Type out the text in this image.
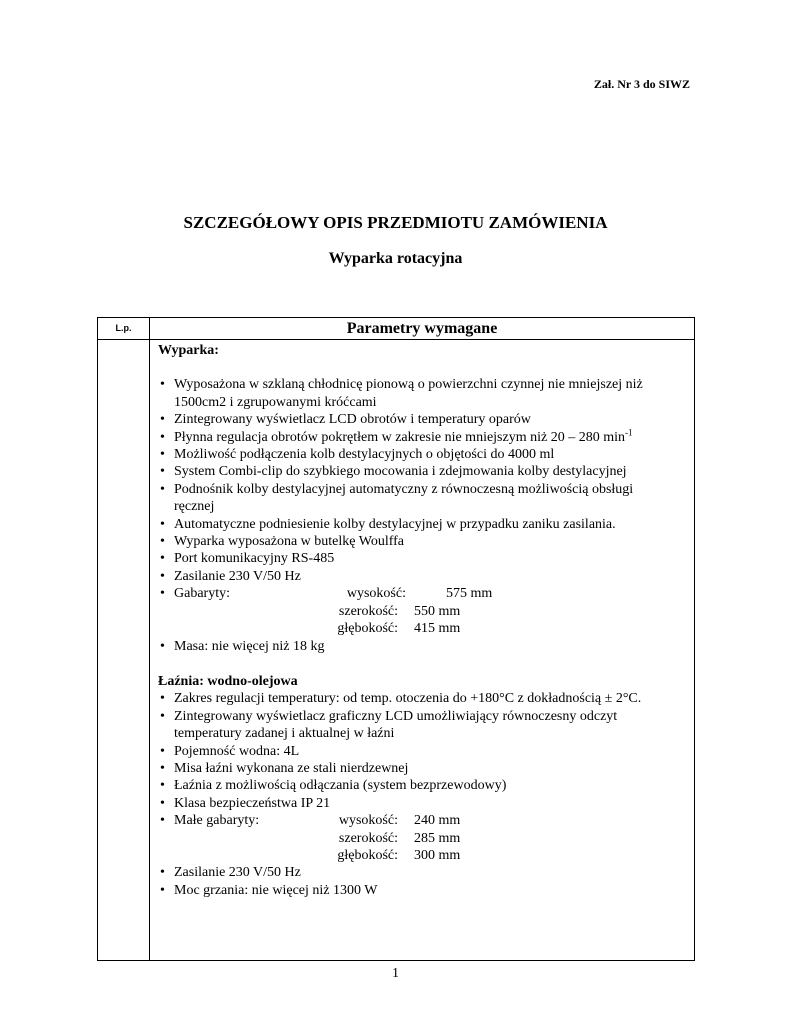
Zał. Nr 3 do SIWZ
SZCZEGÓŁOWY OPIS PRZEDMIOTU ZAMÓWIENIA
Wyparka rotacyjna
L.p.	Parametry wymagane
Wyparka:
• Wyposażona w szklaną chłodnicę pionową o powierzchni czynnej nie mniejszej niż
1500cm2 i zgrupowanymi króćcami
• Zintegrowany wyświetlacz LCD obrotów i temperatury oparów
• Płynna regulacja obrotów pokrętłem w zakresie nie mniejszym niż 20 – 280 $\min^{-1}$
• Możliwość podłączenia kolb destylacyjnych o objętości do 4000 ml
• System Combi-clip do szybkiego mocowania i zdejmowania kolby destylacyjnej
• Podnośnik kolby destylacyjnej automatyczny z równoczesną możliwością obsługi
ręcznej
• Automatyczne podniesienie kolby destylacyjnej w przypadku zaniku zasilania.
• Wyparka wyposażona w butelkę Woulffa
• Port komunikacyjny RS-485
• Zasilanie 230 V/50 Hz
• Gabaryty:	wysokość:	575 mm
szerokość:	550 mm
głębokość:	415 mm
• Masa: nie więcej niż 18 kg
Łaźnia: wodno-olejowa
• Zakres regulacji temperatury: od temp. otoczenia do +180°C z dokładnością ± 2°C.
• Zintegrowany wyświetlacz graficzny LCD umożliwiający równoczesny odczyt
temperatury zadanej i aktualnej w łaźni
• Pojemność wodna: 4L
• Misa łaźni wykonana ze stali nierdzewnej
• Łaźnia z możliwością odłączania (system bezprzewodowy)
• Klasa bezpieczeństwa IP 21
• Małe gabaryty:	wysokość:	240 mm
szerokość:	285 mm
głębokość:	300 mm
• Zasilanie 230 V/50 Hz
• Moc grzania: nie więcej niż 1300 W
1
